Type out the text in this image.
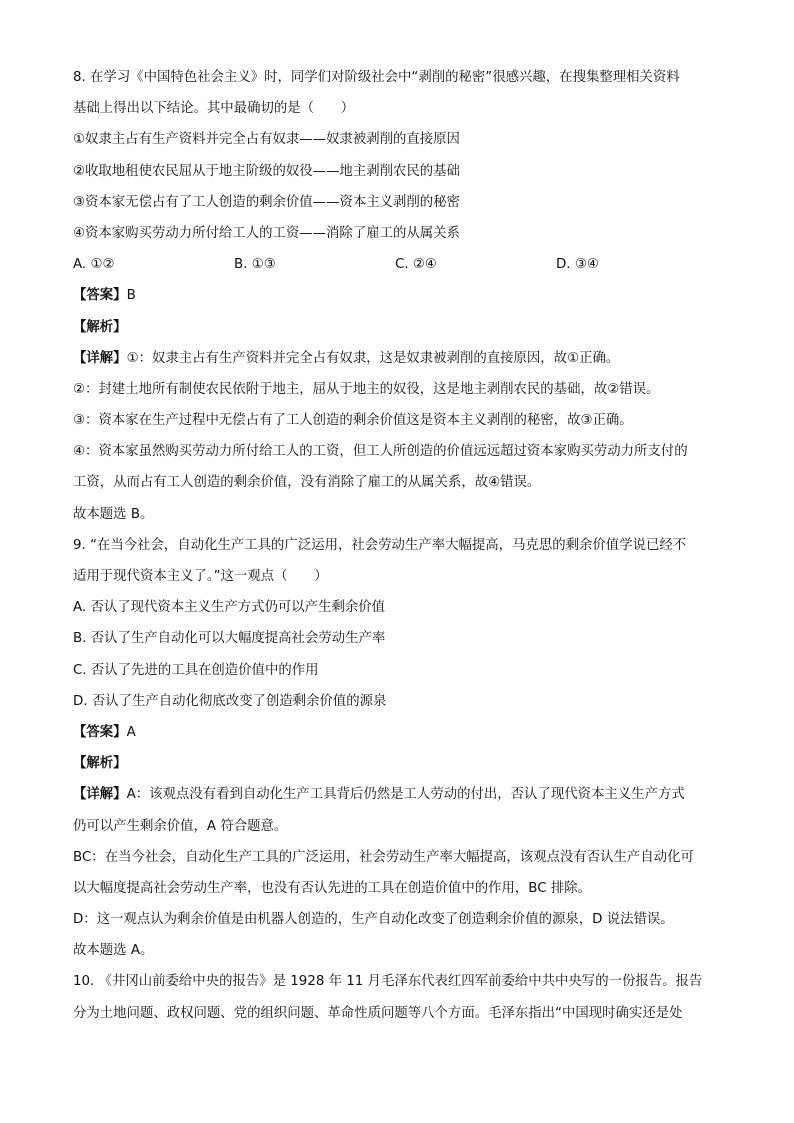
8. 在学习《中国特色社会主义》时，同学们对阶级社会中“剥削的秘密”很感兴趣，在搜集整理相关资料
基础上得出以下结论。其中最确切的是（　　）
①奴隶主占有生产资料并完全占有奴隶——奴隶被剥削的直接原因
②收取地租使农民屈从于地主阶级的奴役——地主剥削农民的基础
③资本家无偿占有了工人创造的剩余价值——资本主义剥削的秘密
④资本家购买劳动力所付给工人的工资——消除了雇工的从属关系
A. ①②	B. ①③	C. ②④	D. ③④
【答案】B
【解析】
【详解】①：奴隶主占有生产资料并完全占有奴隶，这是奴隶被剥削的直接原因，故①正确。
②：封建土地所有制使农民依附于地主，屈从于地主的奴役，这是地主剥削农民的基础，故②错误。
③：资本家在生产过程中无偿占有了工人创造的剩余价值这是资本主义剥削的秘密，故③正确。
④：资本家虽然购买劳动力所付给工人的工资，但工人所创造的价值远远超过资本家购买劳动力所支付的
工资，从而占有工人创造的剩余价值，没有消除了雇工的从属关系，故④错误。
故本题选 B。
9. “在当今社会，自动化生产工具的广泛运用，社会劳动生产率大幅提高，马克思的剩余价值学说已经不
适用于现代资本主义了。”这一观点（　　）
A. 否认了现代资本主义生产方式仍可以产生剩余价值
B. 否认了生产自动化可以大幅度提高社会劳动生产率
C. 否认了先进的工具在创造价值中的作用
D. 否认了生产自动化彻底改变了创造剩余价值的源泉
【答案】A
【解析】
【详解】A：该观点没有看到自动化生产工具背后仍然是工人劳动的付出，否认了现代资本主义生产方式
仍可以产生剩余价值，A 符合题意。
BC：在当今社会，自动化生产工具的广泛运用，社会劳动生产率大幅提高，该观点没有否认生产自动化可
以大幅度提高社会劳动生产率，也没有否认先进的工具在创造价值中的作用，BC 排除。
D：这一观点认为剩余价值是由机器人创造的，生产自动化改变了创造剩余价值的源泉，D 说法错误。
故本题选 A。
10. 《井冈山前委给中央的报告》是 1928 年 11 月毛泽东代表红四军前委给中共中央写的一份报告。报告
分为土地问题、政权问题、党的组织问题、革命性质问题等八个方面。毛泽东指出“中国现时确实还是处
